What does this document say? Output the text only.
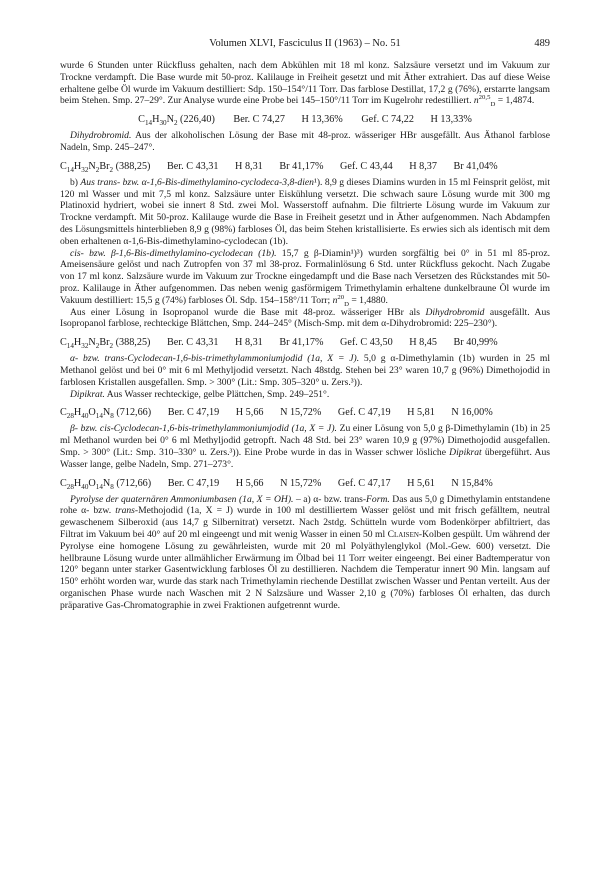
Volumen XLVI, Fasciculus II (1963) – No. 51	489

wurde 6 Stunden unter Rückfluss gehalten, nach dem Abkühlen mit 18 ml konz. Salzsäure versetzt und im Vakuum zur Trockne verdampft. Die Base wurde mit 50-proz. Kalilauge in Freiheit gesetzt und mit Äther extrahiert. Das auf diese Weise erhaltene gelbe Öl wurde im Vakuum destilliert: Sdp. 150–154°/11 Torr. Das farblose Destillat, 17,2 g (76%), erstarrte langsam beim Stehen. Smp. 27–29°. Zur Analyse wurde eine Probe bei 145–150°/11 Torr im Kugelrohr redestilliert. $n^{20,5}_D = 1,4874$.

$C_{14}H_{30}N_2$ (226,40) Ber. C 74,27 H 13,36% Gef. C 74,22 H 13,33%

Dihydrobromid. Aus der alkoholischen Lösung der Base mit 48-proz. wässeriger HBr ausgefällt. Aus Äthanol farblose Nadeln, Smp. 245–247°.

$C_{14}H_{32}N_2Br_2$ (388,25) Ber. C 43,31 H 8,31 Br 41,17% Gef. C 43,44 H 8,37 Br 41,04%

b) Aus trans- bzw. α-1,6-Bis-dimethylamino-cyclodeca-3,8-dien¹). 8,9 g dieses Diamins wurden in 15 ml Feinsprit gelöst, mit 120 ml Wasser und mit 7,5 ml konz. Salzsäure unter Eiskühlung versetzt. Die schwach saure Lösung wurde mit 300 mg Platinoxid hydriert, wobei sie innert 8 Std. zwei Mol. Wasserstoff aufnahm. Die filtrierte Lösung wurde im Vakuum zur Trockne verdampft. Mit 50-proz. Kalilauge wurde die Base in Freiheit gesetzt und in Äther aufgenommen. Nach Abdampfen des Lösungsmittels hinterblieben 8,9 g (98%) farbloses Öl, das beim Stehen kristallisierte. Es erwies sich als identisch mit dem oben erhaltenen α-1,6-Bis-dimethylamino-cyclodecan (1b).

cis- bzw. β-1,6-Bis-dimethylamino-cyclodecan (1b). 15,7 g β-Diamin¹)³) wurden sorgfältig bei 0° in 51 ml 85-proz. Ameisensäure gelöst und nach Zutropfen von 37 ml 38-proz. Formalinlösung 6 Std. unter Rückfluss gekocht. Nach Zugabe von 17 ml konz. Salzsäure wurde im Vakuum zur Trockne eingedampft und die Base nach Versetzen des Rückstandes mit 50-proz. Kalilauge in Äther aufgenommen. Das neben wenig gasförmigem Trimethylamin erhaltene dunkelbraune Öl wurde im Vakuum destilliert: 15,5 g (74%) farbloses Öl. Sdp. 154–158°/11 Torr; $n^{20}_D = 1,4880$.

Aus einer Lösung in Isopropanol wurde die Base mit 48-proz. wässeriger HBr als Dihydrobromid ausgefällt. Aus Isopropanol farblose, rechteckige Blättchen, Smp. 244–245° (Misch-Smp. mit dem α-Dihydrobromid: 225–230°).

$C_{14}H_{32}N_2Br_2$ (388,25) Ber. C 43,31 H 8,31 Br 41,17% Gef. C 43,50 H 8,45 Br 40,99%

α- bzw. trans-Cyclodecan-1,6-bis-trimethylammoniumjodid (1a, X = J). 5,0 g α-Dimethylamin (1b) wurden in 25 ml Methanol gelöst und bei 0° mit 6 ml Methyljodid versetzt. Nach 48stdg. Stehen bei 23° waren 10,7 g (96%) Dimethojodid in farblosen Kristallen ausgefallen. Smp. > 300° (Lit.: Smp. 305–320° u. Zers.³)).

Dipikrat. Aus Wasser rechteckige, gelbe Plättchen, Smp. 249–251°.

$C_{28}H_{40}O_{14}N_8$ (712,66) Ber. C 47,19 H 5,66 N 15,72% Gef. C 47,19 H 5,81 N 16,00%

β- bzw. cis-Cyclodecan-1,6-bis-trimethylammoniumjodid (1a, X = J). Zu einer Lösung von 5,0 g β-Dimethylamin (1b) in 25 ml Methanol wurden bei 0° 6 ml Methyljodid getropft. Nach 48 Std. bei 23° waren 10,9 g (97%) Dimethojodid ausgefallen. Smp. > 300° (Lit.: Smp. 310–330° u. Zers.³)). Eine Probe wurde in das in Wasser schwer lösliche Dipikrat übergeführt. Aus Wasser lange, gelbe Nadeln, Smp. 271–273°.

$C_{28}H_{40}O_{14}N_8$ (712,66) Ber. C 47,19 H 5,66 N 15,72% Gef. C 47,17 H 5,61 N 15,84%

Pyrolyse der quaternären Ammoniumbasen (1a, X = OH). – a) α- bzw. trans-Form. Das aus 5,0 g Dimethylamin entstandene rohe α- bzw. trans-Methojodid (1a, X = J) wurde in 100 ml destilliertem Wasser gelöst und mit frisch gefälltem, neutral gewaschenem Silberoxid (aus 14,7 g Silbernitrat) versetzt. Nach 2stdg. Schütteln wurde vom Bodenkörper abfiltriert, das Filtrat im Vakuum bei 40° auf 20 ml eingeengt und mit wenig Wasser in einen 50 ml Claisen-Kolben gespült. Um während der Pyrolyse eine homogene Lösung zu gewährleisten, wurde mit 20 ml Polyäthylenglykol (Mol.-Gew. 600) versetzt. Die hellbraune Lösung wurde unter allmählicher Erwärmung im Ölbad bei 11 Torr weiter eingeengt. Bei einer Badtemperatur von 120° begann unter starker Gasentwicklung farbloses Öl zu destillieren. Nachdem die Temperatur innert 90 Min. langsam auf 150° erhöht worden war, wurde das stark nach Trimethylamin riechende Destillat zwischen Wasser und Pentan verteilt. Aus der organischen Phase wurde nach Waschen mit 2 N Salzsäure und Wasser 2,10 g (70%) farbloses Öl erhalten, das durch präparative Gas-Chromatographie in zwei Fraktionen aufgetrennt wurde.
